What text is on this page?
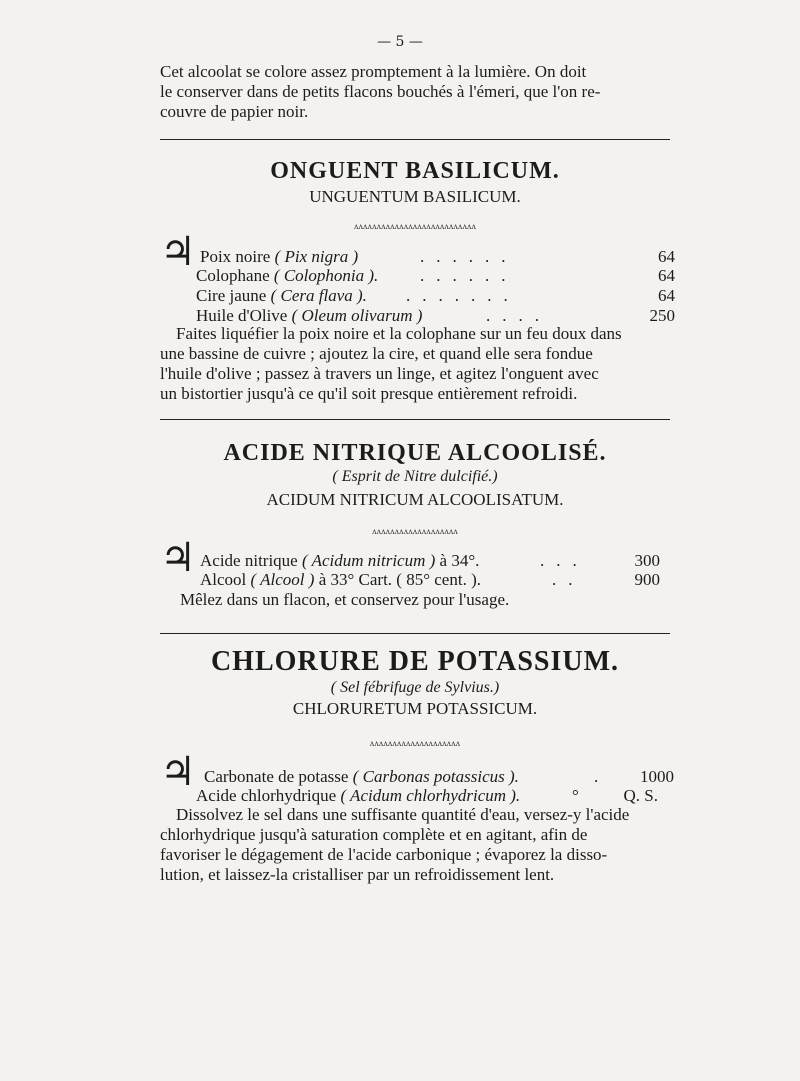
— 5 —
Cet alcoolat se colore assez promptement à la lumière. On doit
le conserver dans de petits flacons bouchés à l'émeri, que l'on re-
couvre de papier noir.
ONGUENT BASILICUM.
UNGUENTUM BASILICUM.
ʌʌʌʌʌʌʌʌʌʌʌʌʌʌʌʌʌʌʌʌʌʌʌʌʌʌʌ
♃ Poix noire ( Pix nigra )	......	64
Colophane ( Colophonia ). ......	64
Cire jaune ( Cera flava ). .......	64
Huile d'Olive ( Oleum olivarum )	....	250
Faites liquéfier la poix noire et la colophane sur un feu doux dans
une bassine de cuivre ; ajoutez la cire, et quand elle sera fondue
l'huile d'olive ; passez à travers un linge, et agitez l'onguent avec
un bistortier jusqu'à ce qu'il soit presque entièrement refroidi.
ACIDE NITRIQUE ALCOOLISÉ.
( Esprit de Nitre dulcifié.)
ACIDUM NITRICUM ALCOOLISATUM.
ʌʌʌʌʌʌʌʌʌʌʌʌʌʌʌʌʌʌʌ
♃ Acide nitrique ( Acidum nitricum ) à 34°.	...	300
Alcool ( Alcool ) à 33° Cart. ( 85° cent. ).	..	900
Mêlez dans un flacon, et conservez pour l'usage.
CHLORURE DE POTASSIUM.
( Sel fébrifuge de Sylvius.)
CHLORURETUM POTASSICUM.
ʌʌʌʌʌʌʌʌʌʌʌʌʌʌʌʌʌʌʌʌ
♃ Carbonate de potasse ( Carbonas potassicus ).	.	1000
Acide chlorhydrique ( Acidum chlorhydricum ).	°	Q. S.
Dissolvez le sel dans une suffisante quantité d'eau, versez-y l'acide
chlorhydrique jusqu'à saturation complète et en agitant, afin de
favoriser le dégagement de l'acide carbonique ; évaporez la disso-
lution, et laissez-la cristalliser par un refroidissement lent.
